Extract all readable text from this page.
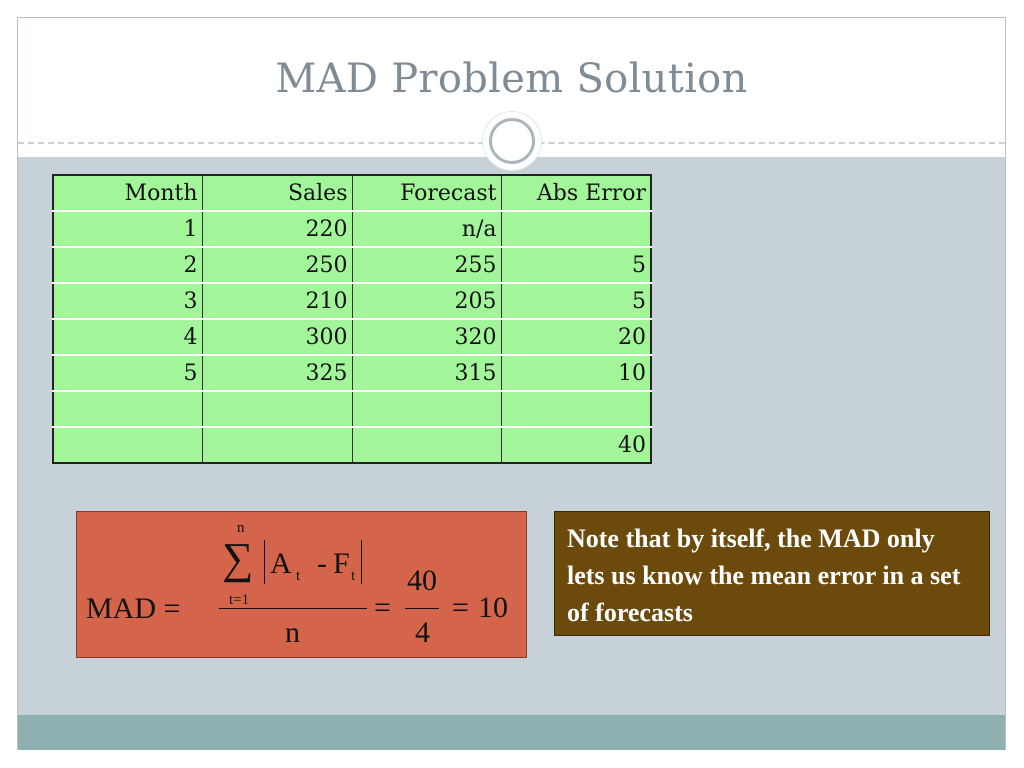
MAD Problem Solution
Month	Sales	Forecast	Abs Error
1	220	n/a	
2	250	255	5
3	210	205	5
4	300	320	20
5	325	315	10

			40
MAD =
n
∑
t=1
A t - F t
n
=
40
4
= 10
Note that by itself, the MAD only lets us know the mean error in a set of forecasts
